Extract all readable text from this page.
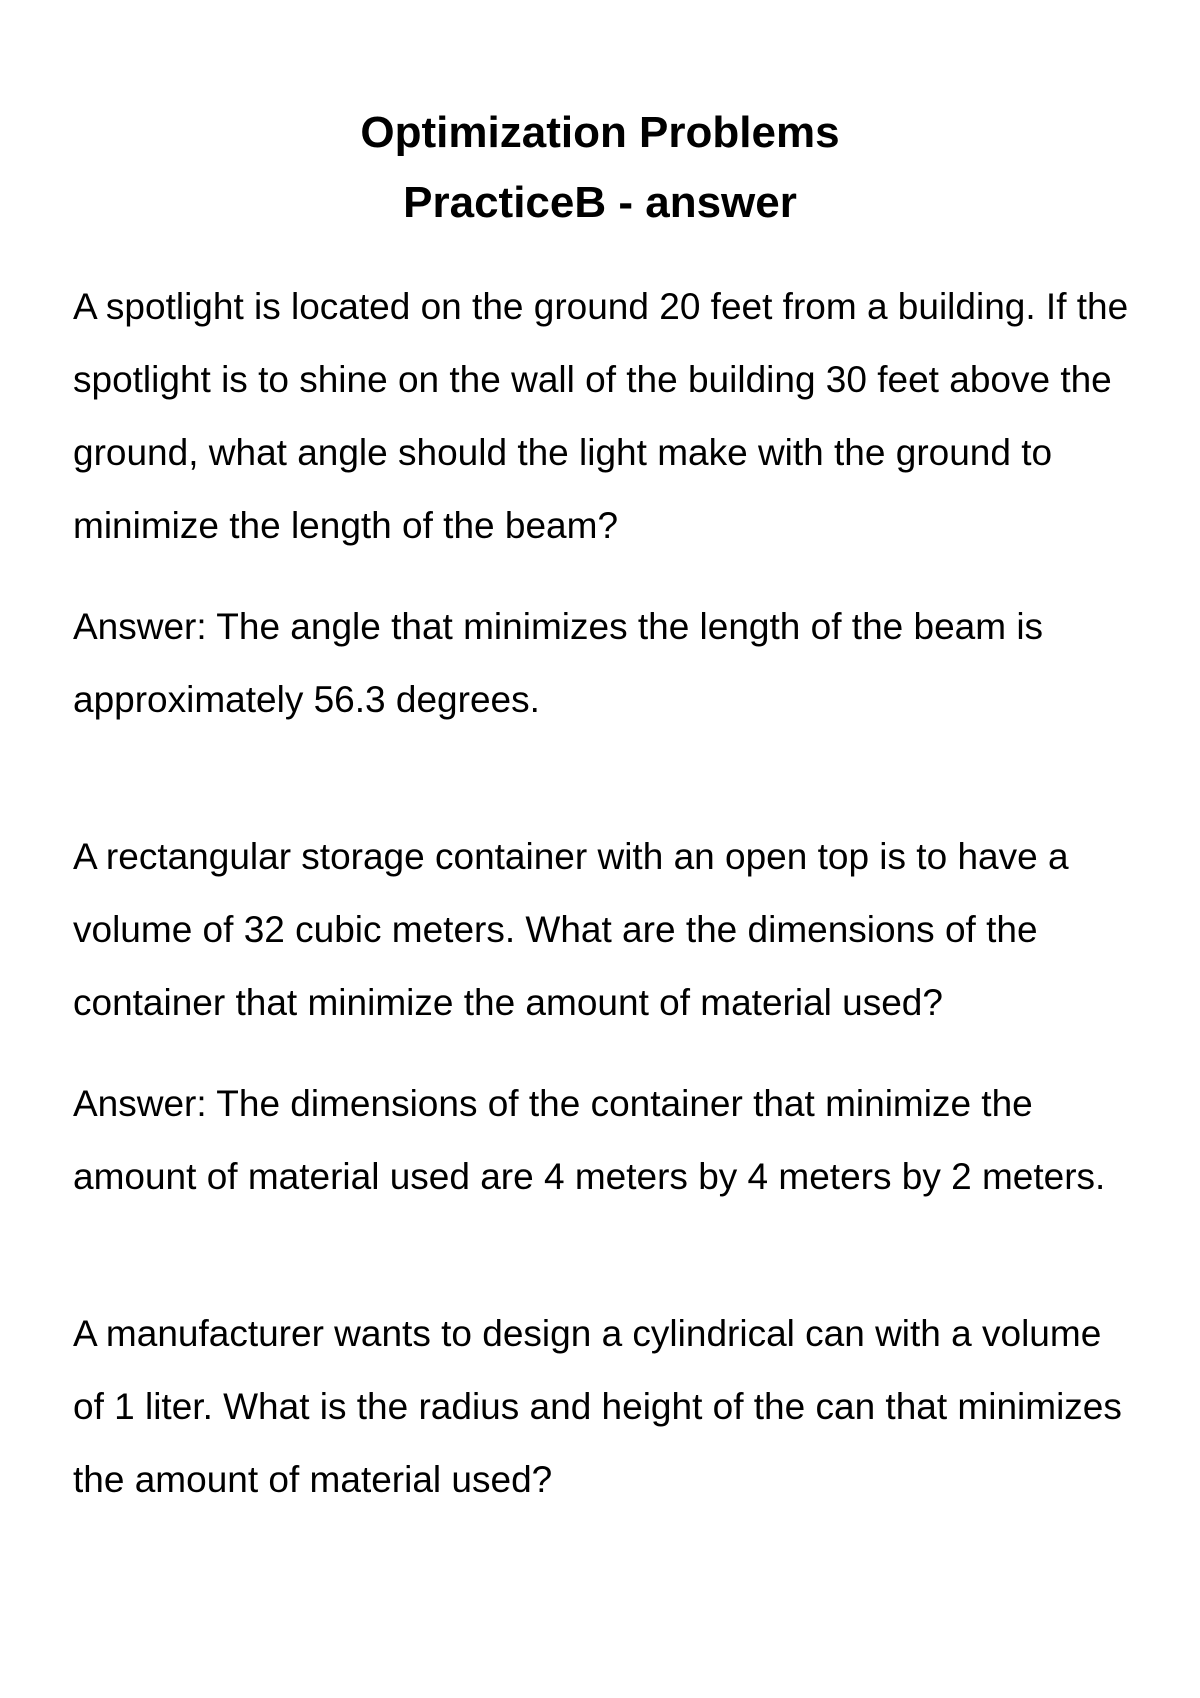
Optimization Problems
PracticeB - answer

A spotlight is located on the ground 20 feet from a building. If the spotlight is to shine on the wall of the building 30 feet above the ground, what angle should the light make with the ground to minimize the length of the beam?

Answer: The angle that minimizes the length of the beam is approximately 56.3 degrees.

A rectangular storage container with an open top is to have a volume of 32 cubic meters. What are the dimensions of the container that minimize the amount of material used?

Answer: The dimensions of the container that minimize the amount of material used are 4 meters by 4 meters by 2 meters.

A manufacturer wants to design a cylindrical can with a volume of 1 liter. What is the radius and height of the can that minimizes the amount of material used?
